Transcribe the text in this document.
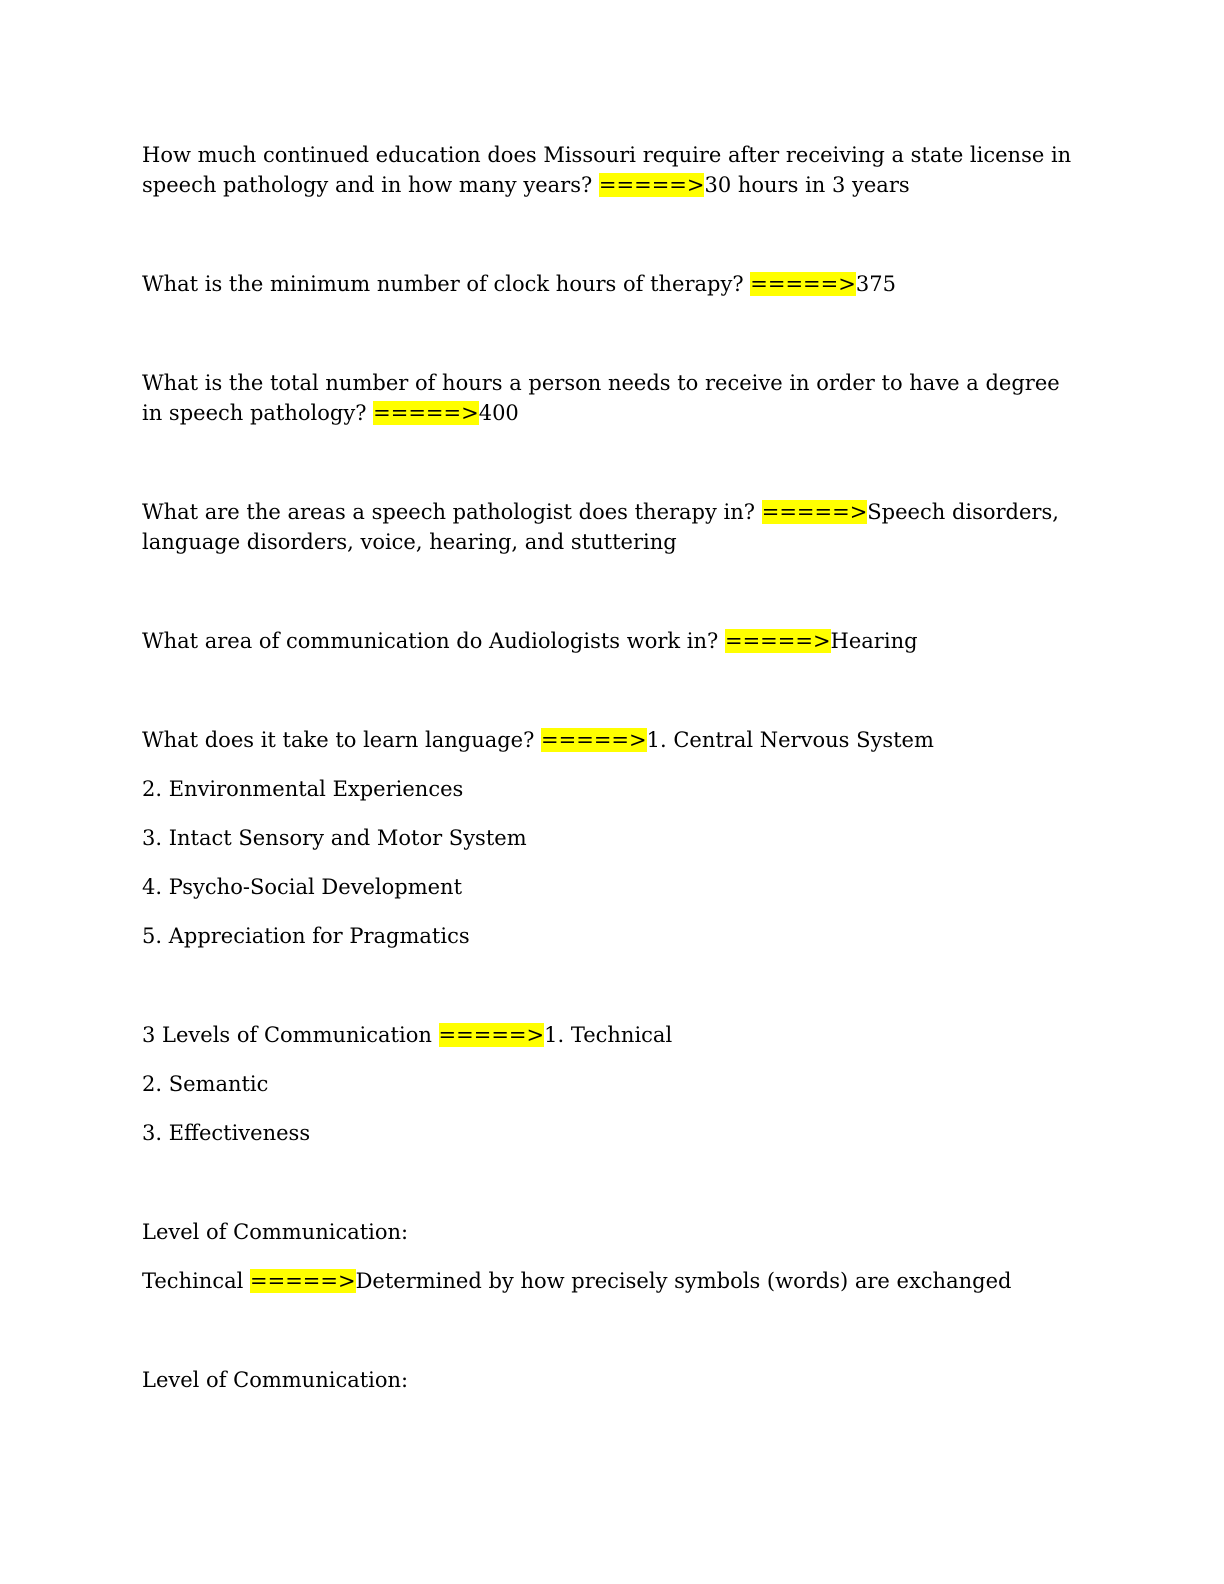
How much continued education does Missouri require after receiving a state license in speech pathology and in how many years? =====>30 hours in 3 years

What is the minimum number of clock hours of therapy? =====>375

What is the total number of hours a person needs to receive in order to have a degree in speech pathology? =====>400

What are the areas a speech pathologist does therapy in? =====>Speech disorders, language disorders, voice, hearing, and stuttering

What area of communication do Audiologists work in? =====>Hearing

What does it take to learn language? =====>1. Central Nervous System

2. Environmental Experiences

3. Intact Sensory and Motor System

4. Psycho-Social Development

5. Appreciation for Pragmatics

3 Levels of Communication =====>1. Technical

2. Semantic

3. Effectiveness

Level of Communication:

Techincal =====>Determined by how precisely symbols (words) are exchanged

Level of Communication:
